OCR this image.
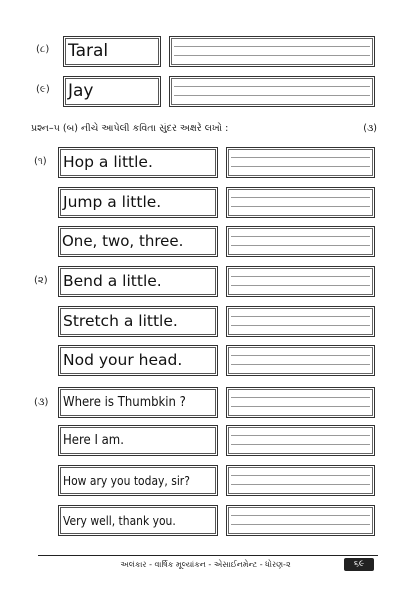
(૮) Taral
(૯) Jay
પ્રશ્ન–૫ (બ) નીચે આપેલી કવિતા સુંદર અક્ષરે લખો :	(૩)
(૧) Hop a little.
Jump a little.
One, two, three.
(૨) Bend a little.
Stretch a little.
Nod your head.
(૩) Where is Thumbkin ?
Here I am.
How ary you today, sir?
Very well, thank you.
અલંકાર - વાર્ષિક મૂલ્યાંકન - એસાઈનમેન્ટ - ધોરણ-૨	૬૯
